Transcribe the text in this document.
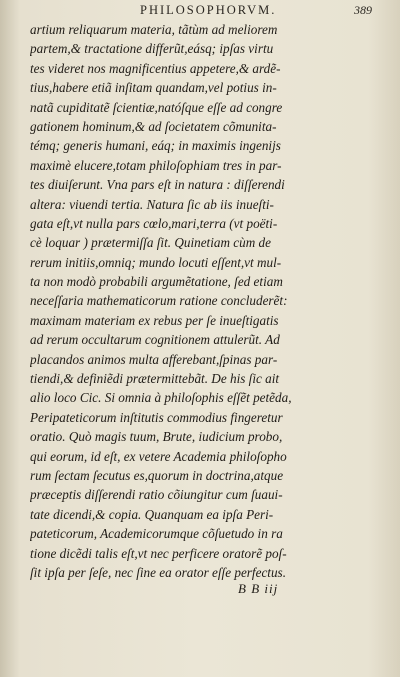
PHILOSOPHORVM.	389
artium reliquarum materia, tãtùm ad meliorem
partem,& tractatione differũt,eásq; ipſas virtu
tes videret nos magnificentius appetere,& ardẽ-
tius,habere etiã inſitam quandam,vel potius in-
natã cupiditatẽ ſcientiæ,natóſque eſſe ad congre
gationem hominum,& ad ſocietatem cõmunita-
témq; generis humani, eáq; in maximis ingenijs
maximè elucere,totam philoſophiam tres in par-
tes diuiſerunt. Vna pars eſt in natura : diſſerendi
altera: viuendi tertia. Natura ſic ab iis inueſti-
gata eſt,vt nulla pars cœlo,mari,terra (vt poëti-
cè loquar ) prætermiſſa ſit. Quinetiam cùm de
rerum initiis,omniq; mundo locuti eſſent,vt mul-
ta non modò probabili argumẽtatione, ſed etiam
neceſſaria mathematicorum ratione concluderẽt:
maximam materiam ex rebus per ſe inueſtigatis
ad rerum occultarum cognitionem attulerũt. Ad
placandos animos multa afferebant,ſpinas par-
tiendi,& definiẽdi prætermittebãt. De his ſic ait
alio loco Cic. Si omnia à philoſophis eſſẽt petẽda,
Peripateticorum inſtitutis commodius fingeretur
oratio. Quò magis tuum, Brute, iudicium probo,
qui eorum, id eſt, ex vetere Academia philoſopho
rum ſectam ſecutus es,quorum in doctrina,atque
præceptis diſſerendi ratio cõiungitur cum ſuaui-
tate dicendi,& copia. Quanquam ea ipſa Peri-
pateticorum, Academicorumque cõſuetudo in ra
tione dicẽdi talis eſt,vt nec perficere oratorẽ poſ-
ſit ipſa per ſeſe, nec ſine ea orator eſſe perfectus.
B B iij
